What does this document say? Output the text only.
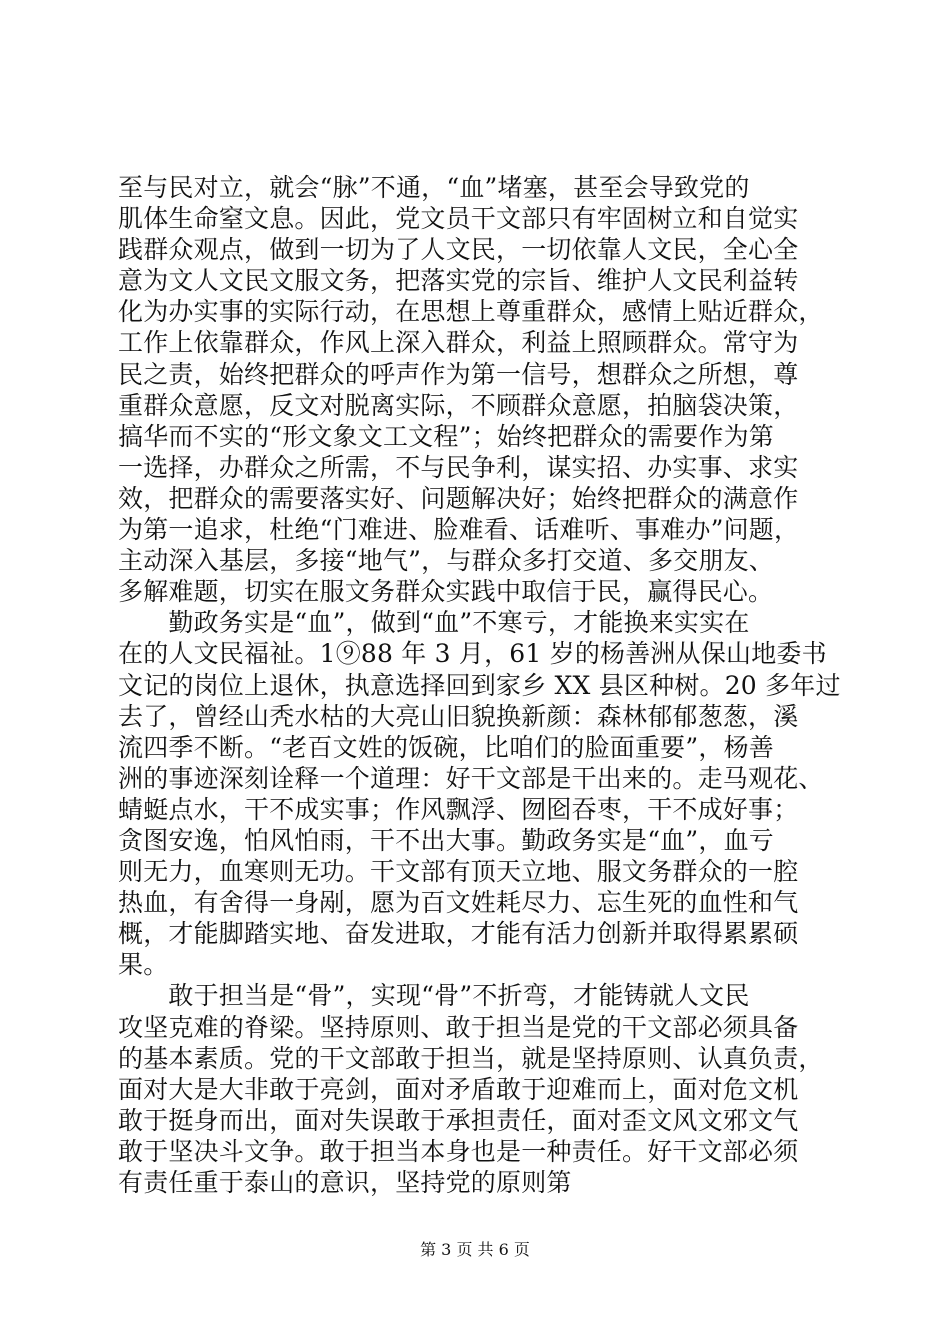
至与民对立，就会“脉”不通，“血”堵塞，甚至会导致党的
肌体生命窒文息。因此，党文员干文部只有牢固树立和自觉实
践群众观点，做到一切为了人文民，一切依靠人文民，全心全
意为文人文民文服文务，把落实党的宗旨、维护人文民利益转
化为办实事的实际行动，在思想上尊重群众，感情上贴近群众，
工作上依靠群众，作风上深入群众，利益上照顾群众。常守为
民之责，始终把群众的呼声作为第一信号，想群众之所想，尊
重群众意愿，反文对脱离实际，不顾群众意愿，拍脑袋决策，
搞华而不实的“形文象文工文程”；始终把群众的需要作为第
一选择，办群众之所需，不与民争利，谋实招、办实事、求实
效，把群众的需要落实好、问题解决好；始终把群众的满意作
为第一追求，杜绝“门难进、脸难看、话难听、事难办”问题，
主动深入基层，多接“地气”，与群众多打交道、多交朋友、
多解难题，切实在服文务群众实践中取信于民，赢得民心。
　　勤政务实是“血”，做到“血”不寒亏，才能换来实实在
在的人文民福祉。1⑨88 年 3 月，61 岁的杨善洲从保山地委书
文记的岗位上退休，执意选择回到家乡 XX 县区种树。20 多年过
去了，曾经山秃水枯的大亮山旧貌换新颜：森林郁郁葱葱，溪
流四季不断。“老百文姓的饭碗，比咱们的脸面重要”，杨善
洲的事迹深刻诠释一个道理：好干文部是干出来的。走马观花、
蜻蜓点水，干不成实事；作风飘浮、囫囵吞枣，干不成好事；
贪图安逸，怕风怕雨，干不出大事。勤政务实是“血”，血亏
则无力，血寒则无功。干文部有顶天立地、服文务群众的一腔
热血，有舍得一身剐，愿为百文姓耗尽力、忘生死的血性和气
概，才能脚踏实地、奋发进取，才能有活力创新并取得累累硕
果。
　　敢于担当是“骨”，实现“骨”不折弯，才能铸就人文民
攻坚克难的脊梁。坚持原则、敢于担当是党的干文部必须具备
的基本素质。党的干文部敢于担当，就是坚持原则、认真负责，
面对大是大非敢于亮剑，面对矛盾敢于迎难而上，面对危文机
敢于挺身而出，面对失误敢于承担责任，面对歪文风文邪文气
敢于坚决斗文争。敢于担当本身也是一种责任。好干文部必须
有责任重于泰山的意识，坚持党的原则第
第 3 页 共 6 页
